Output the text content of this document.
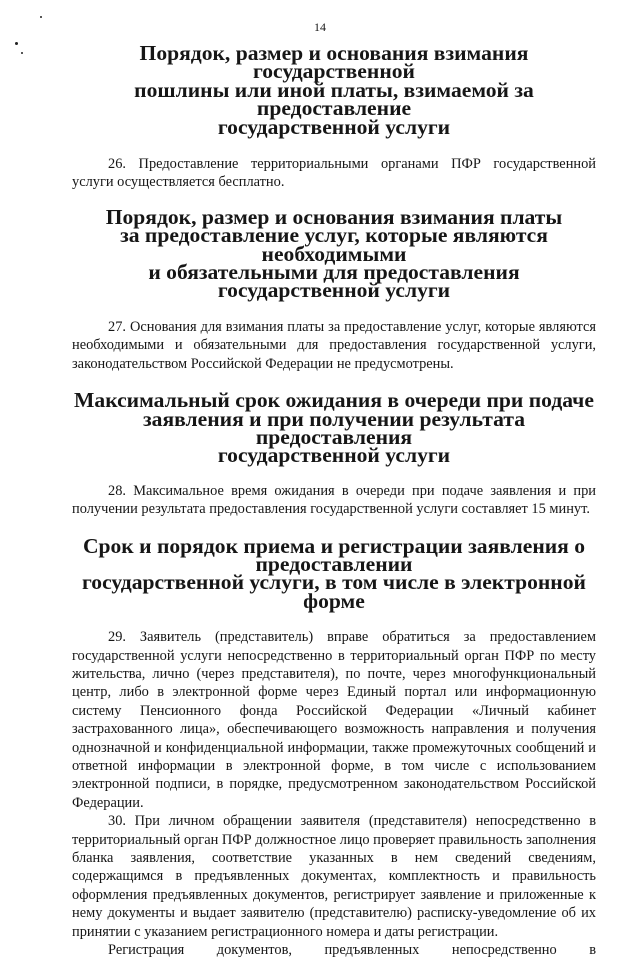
14
Порядок, размер и основания взимания государственной
пошлины или иной платы, взимаемой за предоставление
государственной услуги

26. Предоставление территориальными органами ПФР государственной услуги осуществляется бесплатно.

Порядок, размер и основания взимания платы
за предоставление услуг, которые являются необходимыми
и обязательными для предоставления государственной услуги

27. Основания для взимания платы за предоставление услуг, которые являются необходимыми и обязательными для предоставления государственной услуги, законодательством Российской Федерации не предусмотрены.

Максимальный срок ожидания в очереди при подаче
заявления и при получении результата предоставления
государственной услуги

28. Максимальное время ожидания в очереди при подаче заявления и при получении результата предоставления государственной услуги составляет 15 минут.

Срок и порядок приема и регистрации заявления о предоставлении
государственной услуги, в том числе в электронной форме

29. Заявитель (представитель) вправе обратиться за предоставлением государственной услуги непосредственно в территориальный орган ПФР по месту жительства, лично (через представителя), по почте, через многофункциональный центр, либо в электронной форме через Единый портал или информационную систему Пенсионного фонда Российской Федерации «Личный кабинет застрахованного лица», обеспечивающего возможность направления и получения однозначной и конфиденциальной информации, также промежуточных сообщений и ответной информации в электронной форме, в том числе с использованием электронной подписи, в порядке, предусмотренном законодательством Российской Федерации.

30. При личном обращении заявителя (представителя) непосредственно в территориальный орган ПФР должностное лицо проверяет правильность заполнения бланка заявления, соответствие указанных в нем сведений сведениям, содержащимся в предъявленных документах, комплектность и правильность оформления предъявленных документов, регистрирует заявление и приложенные к нему документы и выдает заявителю (представителю) расписку-уведомление об их принятии с указанием регистрационного номера и даты регистрации.

Регистрация документов, предъявленных непосредственно в
